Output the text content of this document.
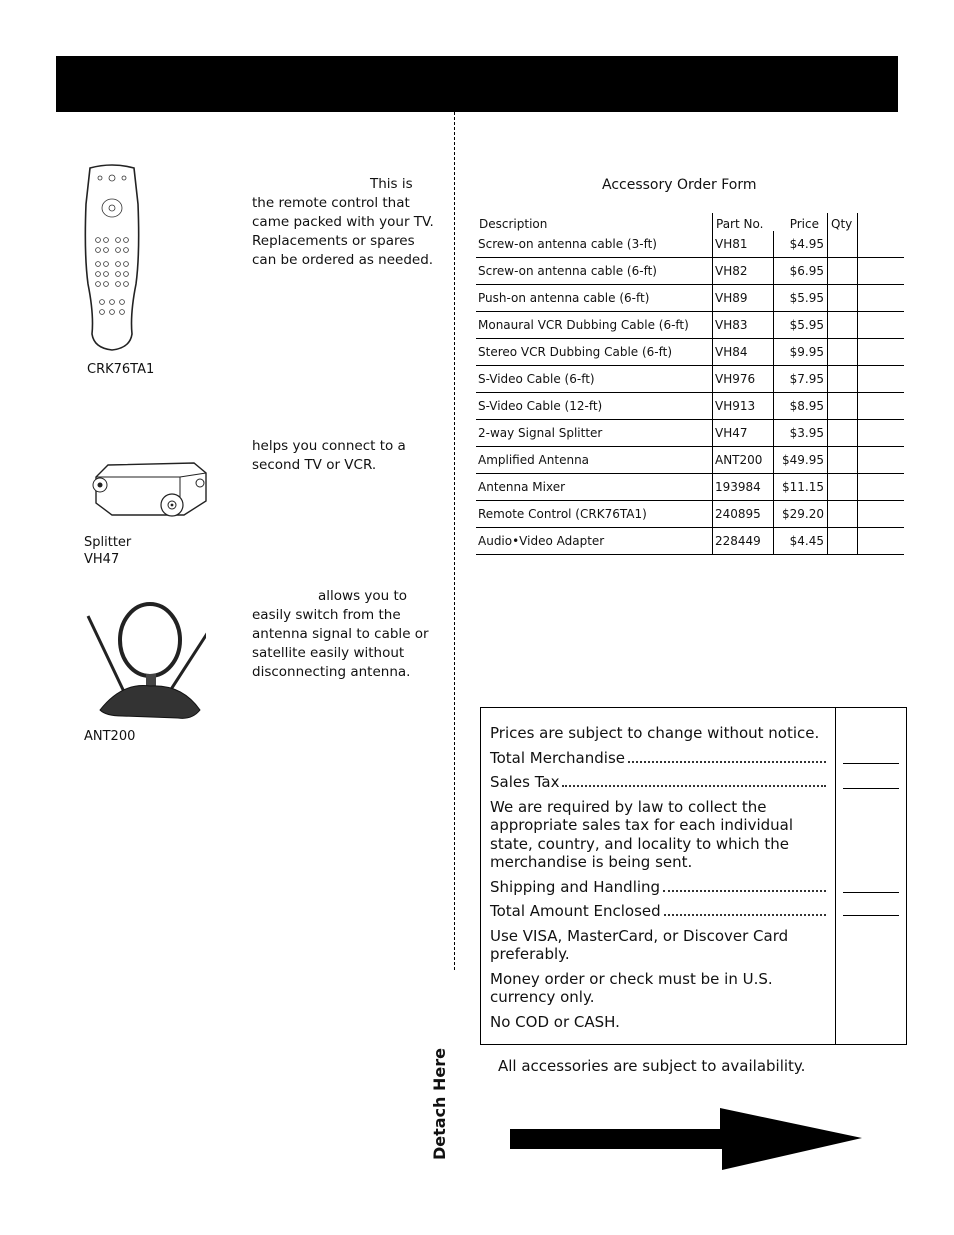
Detach Here
This is the remote control that came packed with your TV. Replacements or spares can be ordered as needed.
CRK76TA1
helps you connect to a second TV or VCR.
Splitter
VH47
allows you to easily switch from the antenna signal to cable or satellite easily without disconnecting antenna.
ANT200
Accessory Order Form
Description	Part No.	Price	Qty	
Screw-on antenna cable (3-ft)	VH81	$4.95		
Screw-on antenna cable (6-ft)	VH82	$6.95		
Push-on antenna cable (6-ft)	VH89	$5.95		
Monaural VCR Dubbing Cable (6-ft)	VH83	$5.95		
Stereo VCR Dubbing Cable (6-ft)	VH84	$9.95		
S-Video Cable (6-ft)	VH976	$7.95		
S-Video Cable (12-ft)	VH913	$8.95		
2-way Signal Splitter	VH47	$3.95		
Amplified Antenna	ANT200	$49.95		
Antenna Mixer	193984	$11.15		
Remote Control (CRK76TA1)	240895	$29.20		
Audio•Video Adapter	228449	$4.45		

Prices are subject to change without notice.

Total Merchandise

Sales Tax

We are required by law to collect the appropriate sales tax for each individual state, country, and locality to which the merchandise is being sent.

Shipping and Handling

Total Amount Enclosed

Use VISA, MasterCard, or Discover Card preferably.

Money order or check must be in U.S. currency only.

No COD or CASH.

All accessories are subject to availability.
